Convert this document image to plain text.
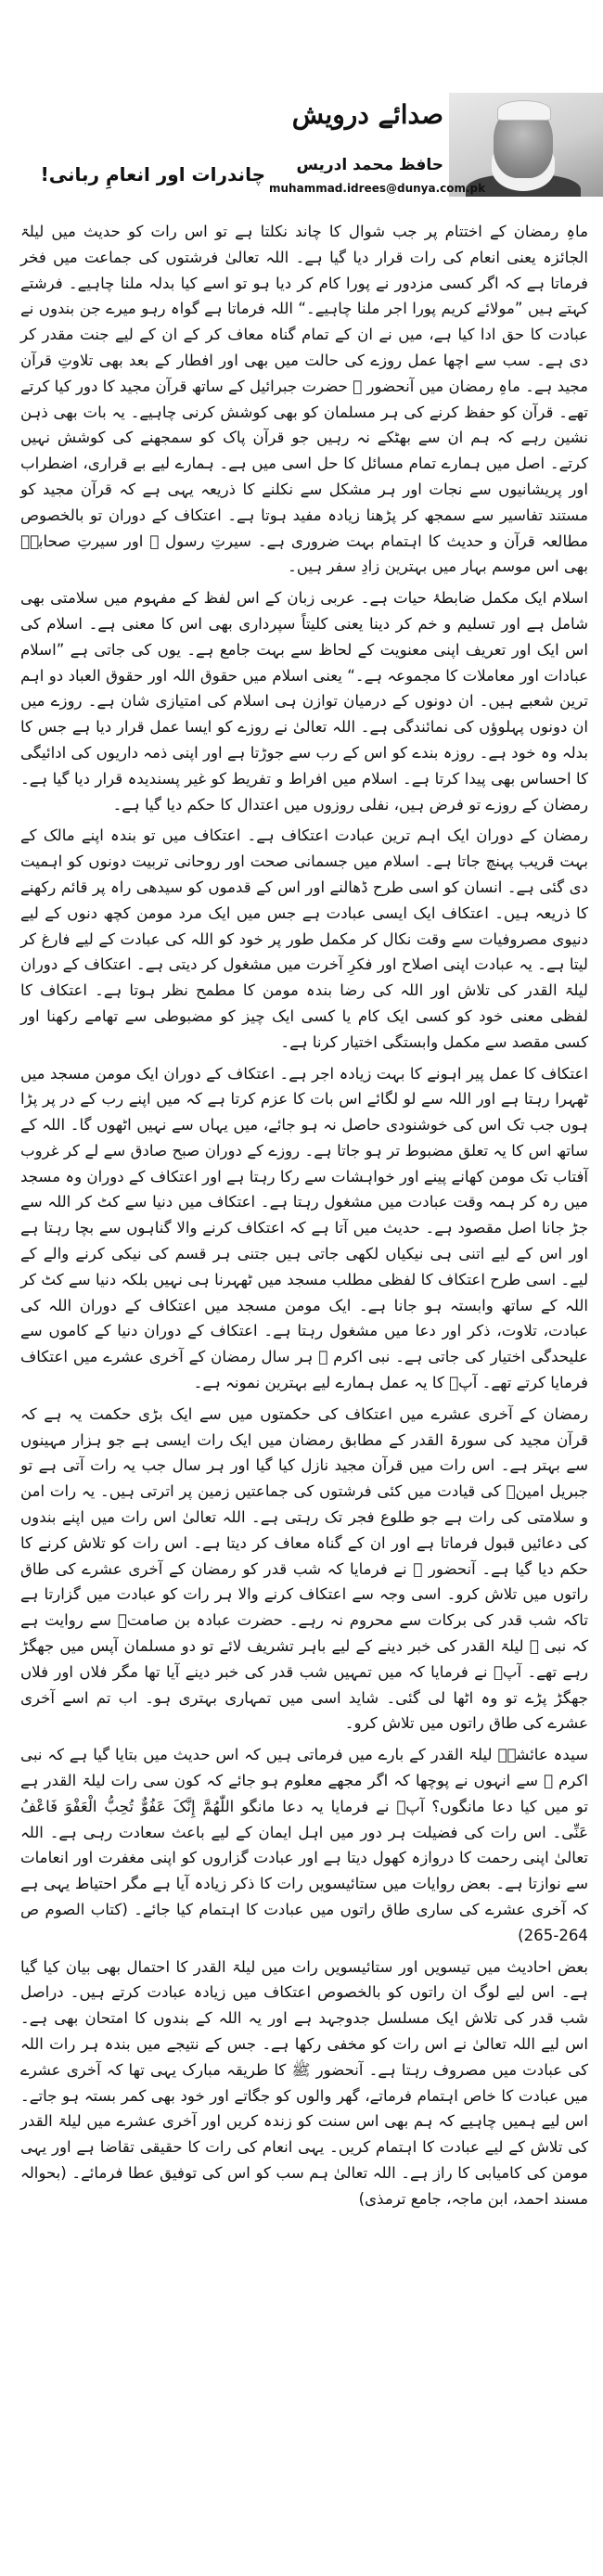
صدائے درویش
حافظ محمد ادریس
muhammad.idrees@dunya.com.pk
چاندرات اور انعامِ ربانی!

ماہِ رمضان کے اختتام پر جب شوال کا چاند نکلتا ہے تو اس رات کو حدیث میں لیلۃ الجائزہ یعنی انعام کی رات قرار دیا گیا ہے۔ اللہ تعالیٰ فرشتوں کی جماعت میں فخر فرماتا ہے کہ اگر کسی مزدور نے پورا کام کر دیا ہو تو اسے کیا بدلہ ملنا چاہیے۔ فرشتے کہتے ہیں ”مولائے کریم پورا اجر ملنا چاہیے۔“ اللہ فرماتا ہے گواہ رہو میرے جن بندوں نے عبادت کا حق ادا کیا ہے، میں نے ان کے تمام گناہ معاف کر کے ان کے لیے جنت مقدر کر دی ہے۔ سب سے اچھا عمل روزے کی حالت میں بھی اور افطار کے بعد بھی تلاوتِ قرآن مجید ہے۔ ماہِ رمضان میں آنحضور ﷺ حضرت جبرائیل کے ساتھ قرآن مجید کا دور کیا کرتے تھے۔ قرآن کو حفظ کرنے کی ہر مسلمان کو بھی کوشش کرنی چاہیے۔ یہ بات بھی ذہن نشین رہے کہ ہم ان سے بھٹکے نہ رہیں جو قرآن پاک کو سمجھنے کی کوشش نہیں کرتے۔ اصل میں ہمارے تمام مسائل کا حل اسی میں ہے۔ ہمارے لیے بے قراری، اضطراب اور پریشانیوں سے نجات اور ہر مشکل سے نکلنے کا ذریعہ یہی ہے کہ قرآن مجید کو مستند تفاسیر سے سمجھ کر پڑھنا زیادہ مفید ہوتا ہے۔ اعتکاف کے دوران تو بالخصوص مطالعہ قرآن و حدیث کا اہتمام بہت ضروری ہے۔ سیرتِ رسول ﷺ اور سیرتِ صحابہؓ بھی اس موسم بہار میں بہترین زادِ سفر ہیں۔

اسلام ایک مکمل ضابطۂ حیات ہے۔ عربی زبان کے اس لفظ کے مفہوم میں سلامتی بھی شامل ہے اور تسلیم و خم کر دینا یعنی کلیتاً سپرداری بھی اس کا معنی ہے۔ اسلام کی اس ایک اور تعریف اپنی معنویت کے لحاظ سے بہت جامع ہے۔ یوں کی جاتی ہے ”اسلام عبادات اور معاملات کا مجموعہ ہے۔“ یعنی اسلام میں حقوق اللہ اور حقوق العباد دو اہم ترین شعبے ہیں۔ ان دونوں کے درمیان توازن ہی اسلام کی امتیازی شان ہے۔ روزے میں ان دونوں پہلوؤں کی نمائندگی ہے۔ اللہ تعالیٰ نے روزے کو ایسا عمل قرار دیا ہے جس کا بدلہ وہ خود ہے۔ روزہ بندے کو اس کے رب سے جوڑتا ہے اور اپنی ذمہ داریوں کی ادائیگی کا احساس بھی پیدا کرتا ہے۔ اسلام میں افراط و تفریط کو غیر پسندیدہ قرار دیا گیا ہے۔ رمضان کے روزے تو فرض ہیں، نفلی روزوں میں اعتدال کا حکم دیا گیا ہے۔

رمضان کے دوران ایک اہم ترین عبادت اعتکاف ہے۔ اعتکاف میں تو بندہ اپنے مالک کے بہت قریب پہنچ جاتا ہے۔ اسلام میں جسمانی صحت اور روحانی تربیت دونوں کو اہمیت دی گئی ہے۔ انسان کو اسی طرح ڈھالنے اور اس کے قدموں کو سیدھی راہ پر قائم رکھنے کا ذریعہ ہیں۔ اعتکاف ایک ایسی عبادت ہے جس میں ایک مرد مومن کچھ دنوں کے لیے دنیوی مصروفیات سے وقت نکال کر مکمل طور پر خود کو اللہ کی عبادت کے لیے فارغ کر لیتا ہے۔ یہ عبادت اپنی اصلاح اور فکرِ آخرت میں مشغول کر دیتی ہے۔ اعتکاف کے دوران لیلۃ القدر کی تلاش اور اللہ کی رضا بندہ مومن کا مطمح نظر ہوتا ہے۔ اعتکاف کا لفظی معنی خود کو کسی ایک کام یا کسی ایک چیز کو مضبوطی سے تھامے رکھنا اور کسی مقصد سے مکمل وابستگی اختیار کرنا ہے۔

اعتکاف کا عمل پیر اہونے کا بہت زیادہ اجر ہے۔ اعتکاف کے دوران ایک مومن مسجد میں ٹھہرا رہتا ہے اور اللہ سے لو لگائے اس بات کا عزم کرتا ہے کہ میں اپنے رب کے در پر پڑا ہوں جب تک اس کی خوشنودی حاصل نہ ہو جائے، میں یہاں سے نہیں اٹھوں گا۔ اللہ کے ساتھ اس کا یہ تعلق مضبوط تر ہو جاتا ہے۔ روزے کے دوران صبح صادق سے لے کر غروب آفتاب تک مومن کھانے پینے اور خواہشات سے رکا رہتا ہے اور اعتکاف کے دوران وہ مسجد میں رہ کر ہمہ وقت عبادت میں مشغول رہتا ہے۔ اعتکاف میں دنیا سے کٹ کر اللہ سے جڑ جانا اصل مقصود ہے۔ حدیث میں آتا ہے کہ اعتکاف کرنے والا گناہوں سے بچا رہتا ہے اور اس کے لیے اتنی ہی نیکیاں لکھی جاتی ہیں جتنی ہر قسم کی نیکی کرنے والے کے لیے۔ اسی طرح اعتکاف کا لفظی مطلب مسجد میں ٹھہرنا ہی نہیں بلکہ دنیا سے کٹ کر اللہ کے ساتھ وابستہ ہو جانا ہے۔ ایک مومن مسجد میں اعتکاف کے دوران اللہ کی عبادت، تلاوت، ذکر اور دعا میں مشغول رہتا ہے۔ اعتکاف کے دوران دنیا کے کاموں سے علیحدگی اختیار کی جاتی ہے۔ نبی اکرم ﷺ ہر سال رمضان کے آخری عشرے میں اعتکاف فرمایا کرتے تھے۔ آپؐ کا یہ عمل ہمارے لیے بہترین نمونہ ہے۔

رمضان کے آخری عشرے میں اعتکاف کی حکمتوں میں سے ایک بڑی حکمت یہ ہے کہ قرآن مجید کی سورۃ القدر کے مطابق رمضان میں ایک رات ایسی ہے جو ہزار مہینوں سے بہتر ہے۔ اس رات میں قرآن مجید نازل کیا گیا اور ہر سال جب یہ رات آتی ہے تو جبریل امینؑ کی قیادت میں کئی فرشتوں کی جماعتیں زمین پر اترتی ہیں۔ یہ رات امن و سلامتی کی رات ہے جو طلوع فجر تک رہتی ہے۔ اللہ تعالیٰ اس رات میں اپنے بندوں کی دعائیں قبول فرماتا ہے اور ان کے گناہ معاف کر دیتا ہے۔ اس رات کو تلاش کرنے کا حکم دیا گیا ہے۔ آنحضور ﷺ نے فرمایا کہ شب قدر کو رمضان کے آخری عشرے کی طاق راتوں میں تلاش کرو۔ اسی وجہ سے اعتکاف کرنے والا ہر رات کو عبادت میں گزارتا ہے تاکہ شب قدر کی برکات سے محروم نہ رہے۔ حضرت عبادہ بن صامتؓ سے روایت ہے کہ نبی ﷺ لیلۃ القدر کی خبر دینے کے لیے باہر تشریف لائے تو دو مسلمان آپس میں جھگڑ رہے تھے۔ آپؐ نے فرمایا کہ میں تمہیں شب قدر کی خبر دینے آیا تھا مگر فلاں اور فلاں جھگڑ پڑے تو وہ اٹھا لی گئی۔ شاید اسی میں تمہاری بہتری ہو۔ اب تم اسے آخری عشرے کی طاق راتوں میں تلاش کرو۔

سیدہ عائشہؓ لیلۃ القدر کے بارے میں فرماتی ہیں کہ اس حدیث میں بتایا گیا ہے کہ نبی اکرم ﷺ سے انہوں نے پوچھا کہ اگر مجھے معلوم ہو جائے کہ کون سی رات لیلۃ القدر ہے تو میں کیا دعا مانگوں؟ آپؐ نے فرمایا یہ دعا مانگو اللّٰھُمَّ إِنَّکَ عَفُوٌّ تُحِبُّ الْعَفْوَ فَاعْفُ عَنِّی۔ اس رات کی فضیلت ہر دور میں اہل ایمان کے لیے باعث سعادت رہی ہے۔ اللہ تعالیٰ اپنی رحمت کا دروازہ کھول دیتا ہے اور عبادت گزاروں کو اپنی مغفرت اور انعامات سے نوازتا ہے۔ بعض روایات میں ستائیسویں رات کا ذکر زیادہ آیا ہے مگر احتیاط یہی ہے کہ آخری عشرے کی ساری طاق راتوں میں عبادت کا اہتمام کیا جائے۔ (کتاب الصوم ص 264-265)

بعض احادیث میں تیسویں اور ستائیسویں رات میں لیلۃ القدر کا احتمال بھی بیان کیا گیا ہے۔ اس لیے لوگ ان راتوں کو بالخصوص اعتکاف میں زیادہ عبادت کرتے ہیں۔ دراصل شب قدر کی تلاش ایک مسلسل جدوجہد ہے اور یہ اللہ کے بندوں کا امتحان بھی ہے۔ اس لیے اللہ تعالیٰ نے اس رات کو مخفی رکھا ہے۔ جس کے نتیجے میں بندہ ہر رات اللہ کی عبادت میں مصروف رہتا ہے۔ آنحضور ﷺ کا طریقہ مبارک یہی تھا کہ آخری عشرے میں عبادت کا خاص اہتمام فرماتے، گھر والوں کو جگاتے اور خود بھی کمر بستہ ہو جاتے۔ اس لیے ہمیں چاہیے کہ ہم بھی اس سنت کو زندہ کریں اور آخری عشرے میں لیلۃ القدر کی تلاش کے لیے عبادت کا اہتمام کریں۔ یہی انعام کی رات کا حقیقی تقاضا ہے اور یہی مومن کی کامیابی کا راز ہے۔ اللہ تعالیٰ ہم سب کو اس کی توفیق عطا فرمائے۔ (بحوالہ مسند احمد، ابن ماجہ، جامع ترمذی)
